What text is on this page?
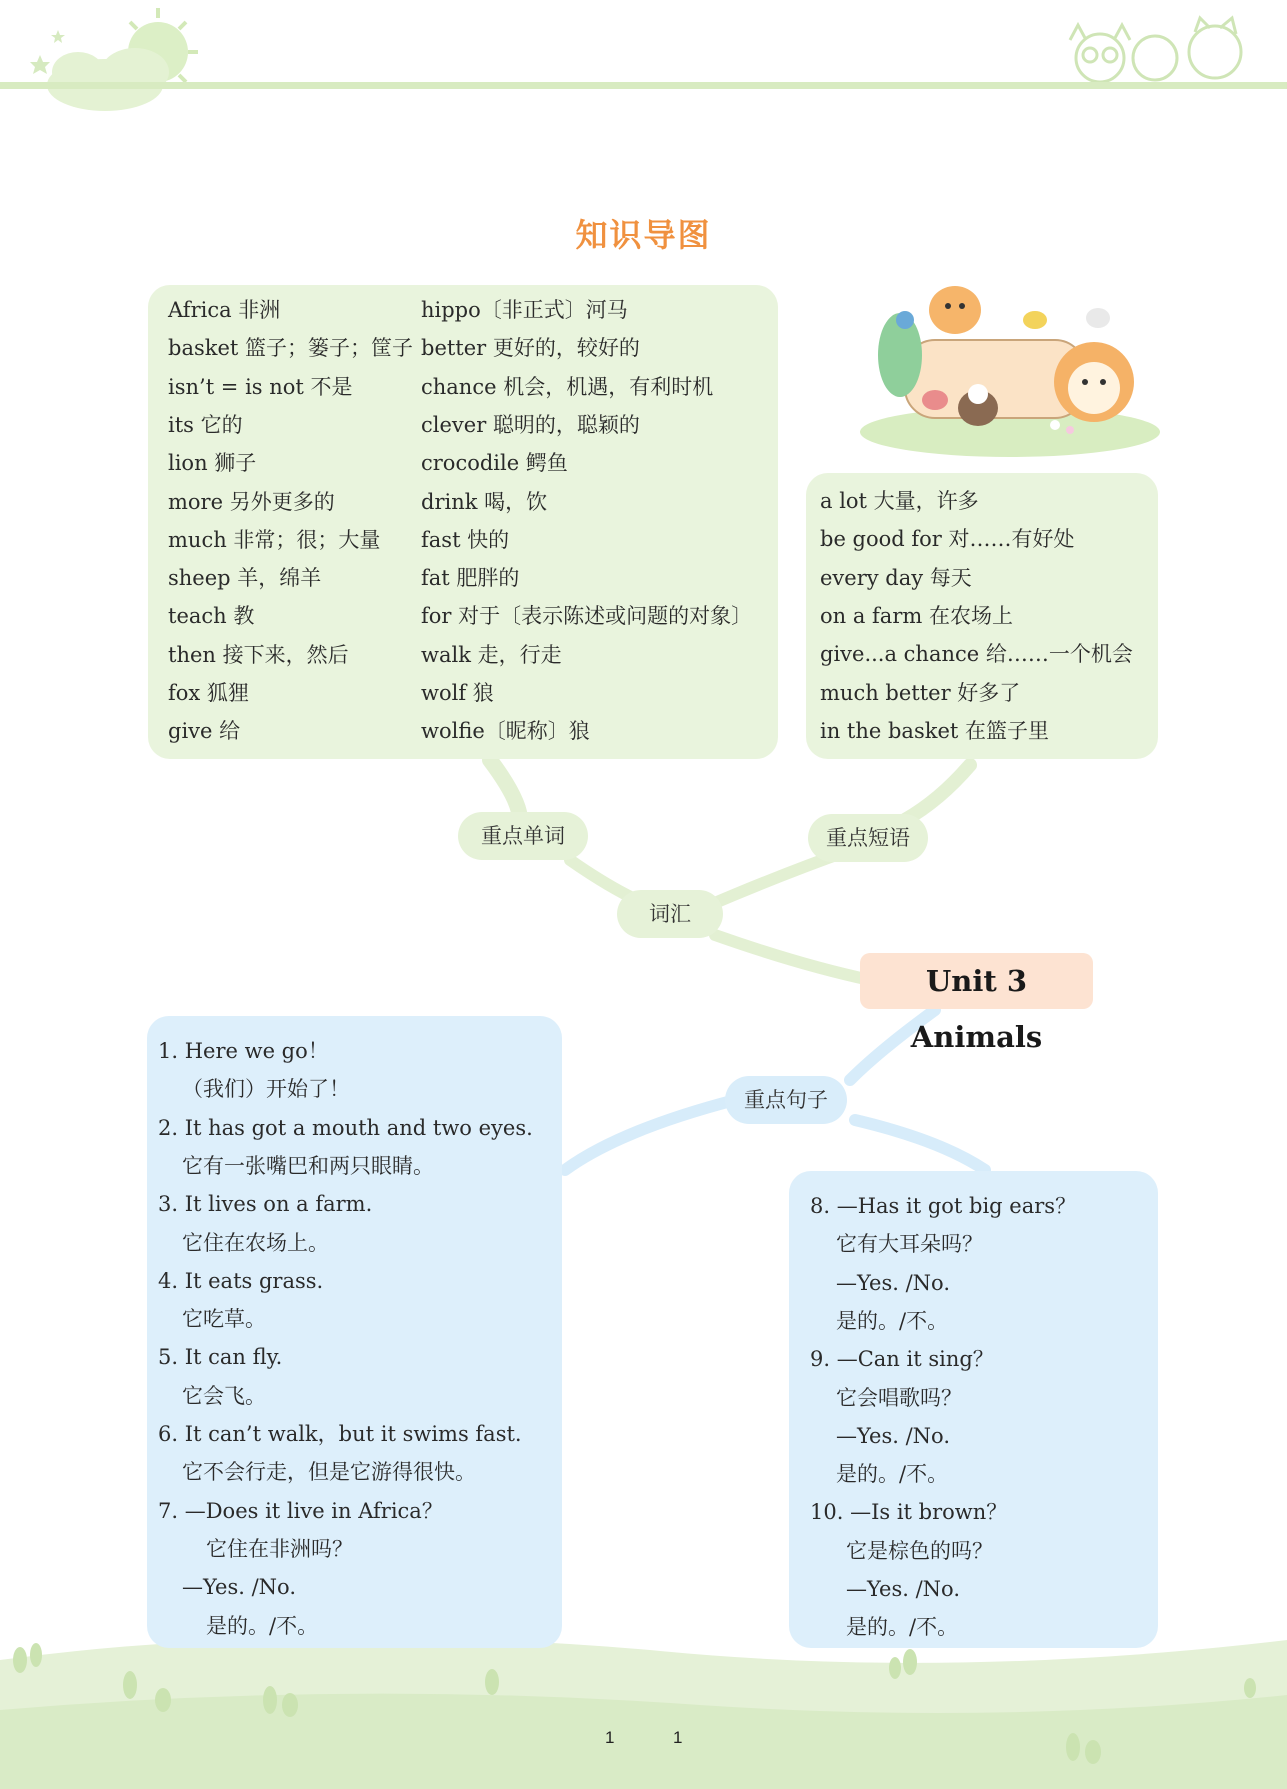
知识导图
Africa 非洲
basket 篮子；篓子；筐子
isn’t = is not 不是
its 它的
lion 狮子
more 另外更多的
much 非常；很；大量
sheep 羊，绵羊
teach 教
then 接下来，然后
fox 狐狸
give 给
hippo〔非正式〕河马
better 更好的，较好的
chance 机会，机遇，有利时机
clever 聪明的，聪颖的
crocodile 鳄鱼
drink 喝，饮
fast 快的
fat 肥胖的
for 对于〔表示陈述或问题的对象〕
walk 走，行走
wolf 狼
wolfie〔昵称〕狼
a lot 大量，许多
be good for 对……有好处
every day 每天
on a farm 在农场上
give...a chance 给……一个机会
much better 好多了
in the basket 在篮子里
重点单词	重点短语
词汇
Unit 3 Animals
重点句子
1. Here we go！
（我们）开始了！
2. It has got a mouth and two eyes.
它有一张嘴巴和两只眼睛。
3. It lives on a farm.
它住在农场上。
4. It eats grass.
它吃草。
5. It can fly.
它会飞。
6. It can’t walk，but it swims fast.
它不会行走，但是它游得很快。
7. —Does it live in Africa？
它住在非洲吗？
—Yes. /No.
是的。/不。
8. —Has it got big ears？
它有大耳朵吗？
—Yes. /No.
是的。/不。
9. —Can it sing？
它会唱歌吗？
—Yes. /No.
是的。/不。
10. —Is it brown？
它是棕色的吗？
—Yes. /No.
是的。/不。
1	1
